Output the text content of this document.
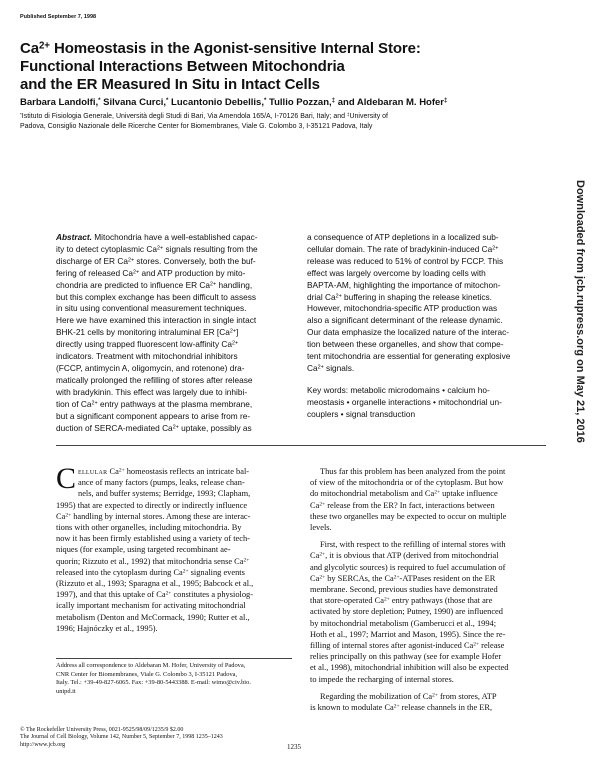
Published September 7, 1998
$Ca^{2+}$ Homeostasis in the Agonist-sensitive Internal Store:
Functional Interactions Between Mitochondria
and the ER Measured In Situ in Intact Cells
Barbara Landolfi,* Silvana Curci,* Lucantonio Debellis,* Tullio Pozzan,‡ and Aldebaran M. Hofer‡
*Istituto di Fisiologia Generale, Università degli Studi di Bari, Via Amendola 165/A, I-70126 Bari, Italy; and ‡University of
Padova, Consiglio Nazionale delle Ricerche Center for Biomembranes, Viale G. Colombo 3, I-35121 Padova, Italy
Abstract. Mitochondria have a well-established capac-
ity to detect cytoplasmic $Ca^{2+}$ signals resulting from the
discharge of ER $Ca^{2+}$ stores. Conversely, both the buf-
fering of released $Ca^{2+}$ and ATP production by mito-
chondria are predicted to influence ER $Ca^{2+}$ handling,
but this complex exchange has been difficult to assess
in situ using conventional measurement techniques.
Here we have examined this interaction in single intact
BHK-21 cells by monitoring intraluminal ER $[Ca^{2+}]$
directly using trapped fluorescent low-affinity $Ca^{2+}$
indicators. Treatment with mitochondrial inhibitors
(FCCP, antimycin A, oligomycin, and rotenone) dra-
matically prolonged the refilling of stores after release
with bradykinin. This effect was largely due to inhibi-
tion of $Ca^{2+}$ entry pathways at the plasma membrane,
but a significant component appears to arise from re-
duction of SERCA-mediated $Ca^{2+}$ uptake, possibly as
a consequence of ATP depletions in a localized sub-
cellular domain. The rate of bradykinin-induced $Ca^{2+}$
release was reduced to 51% of control by FCCP. This
effect was largely overcome by loading cells with
BAPTA-AM, highlighting the importance of mitochon-
drial $Ca^{2+}$ buffering in shaping the release kinetics.
However, mitochondria-specific ATP production was
also a significant determinant of the release dynamic.
Our data emphasize the localized nature of the interac-
tion between these organelles, and show that compe-
tent mitochondria are essential for generating explosive
$Ca^{2+}$ signals.
Key words: metabolic microdomains • calcium ho-
meostasis • organelle interactions • mitochondrial un-
couplers • signal transduction
C ellular $Ca^{2+}$ homeostasis reflects an intricate bal-
ance of many factors (pumps, leaks, release chan-
nels, and buffer systems; Berridge, 1993; Clapham,
1995) that are expected to directly or indirectly influence
$Ca^{2+}$ handling by internal stores. Among these are interac-
tions with other organelles, including mitochondria. By
now it has been firmly established using a variety of tech-
niques (for example, using targeted recombinant ae-
quorin; Rizzuto et al., 1992) that mitochondria sense $Ca^{2+}$
released into the cytoplasm during $Ca^{2+}$ signaling events
(Rizzuto et al., 1993; Sparagna et al., 1995; Babcock et al.,
1997), and that this uptake of $Ca^{2+}$ constitutes a physiolog-
ically important mechanism for activating mitochondrial
metabolism (Denton and McCormack, 1990; Rutter et al.,
1996; Hajnóczky et al., 1995).
Thus far this problem has been analyzed from the point
of view of the mitochondria or of the cytoplasm. But how
do mitochondrial metabolism and $Ca^{2+}$ uptake influence
$Ca^{2+}$ release from the ER? In fact, interactions between
these two organelles may be expected to occur on multiple
levels.
First, with respect to the refilling of internal stores with
$Ca^{2+}$, it is obvious that ATP (derived from mitochondrial
and glycolytic sources) is required to fuel accumulation of
$Ca^{2+}$ by SERCAs, the $Ca^{2+}$-ATPases resident on the ER
membrane. Second, previous studies have demonstrated
that store-operated $Ca^{2+}$ entry pathways (those that are
activated by store depletion; Putney, 1990) are influenced
by mitochondrial metabolism (Gamberucci et al., 1994;
Hoth et al., 1997; Marriot and Mason, 1995). Since the re-
filling of internal stores after agonist-induced $Ca^{2+}$ release
relies principally on this pathway (see for example Hofer
et al., 1998), mitochondrial inhibition will also be expected
to impede the recharging of internal stores.
Regarding the mobilization of $Ca^{2+}$ from stores, ATP
is known to modulate $Ca^{2+}$ release channels in the ER,
Address all correspondence to Aldebaran M. Hofer, University of Padova,
CNR Center for Biomembranes, Viale G. Colombo 3, I-35121 Padova,
Italy. Tel.: +39-49-827-6065. Fax: +39-80-5443388. E-mail: wimo@civ.bio.
unipd.it
© The Rockefeller University Press, 0021-9525/98/09/1235/9 $2.00
The Journal of Cell Biology, Volume 142, Number 5, September 7, 1998 1235–1243
http://www.jcb.org	1235
Downloaded from jcb.rupress.org on May 21, 2016
